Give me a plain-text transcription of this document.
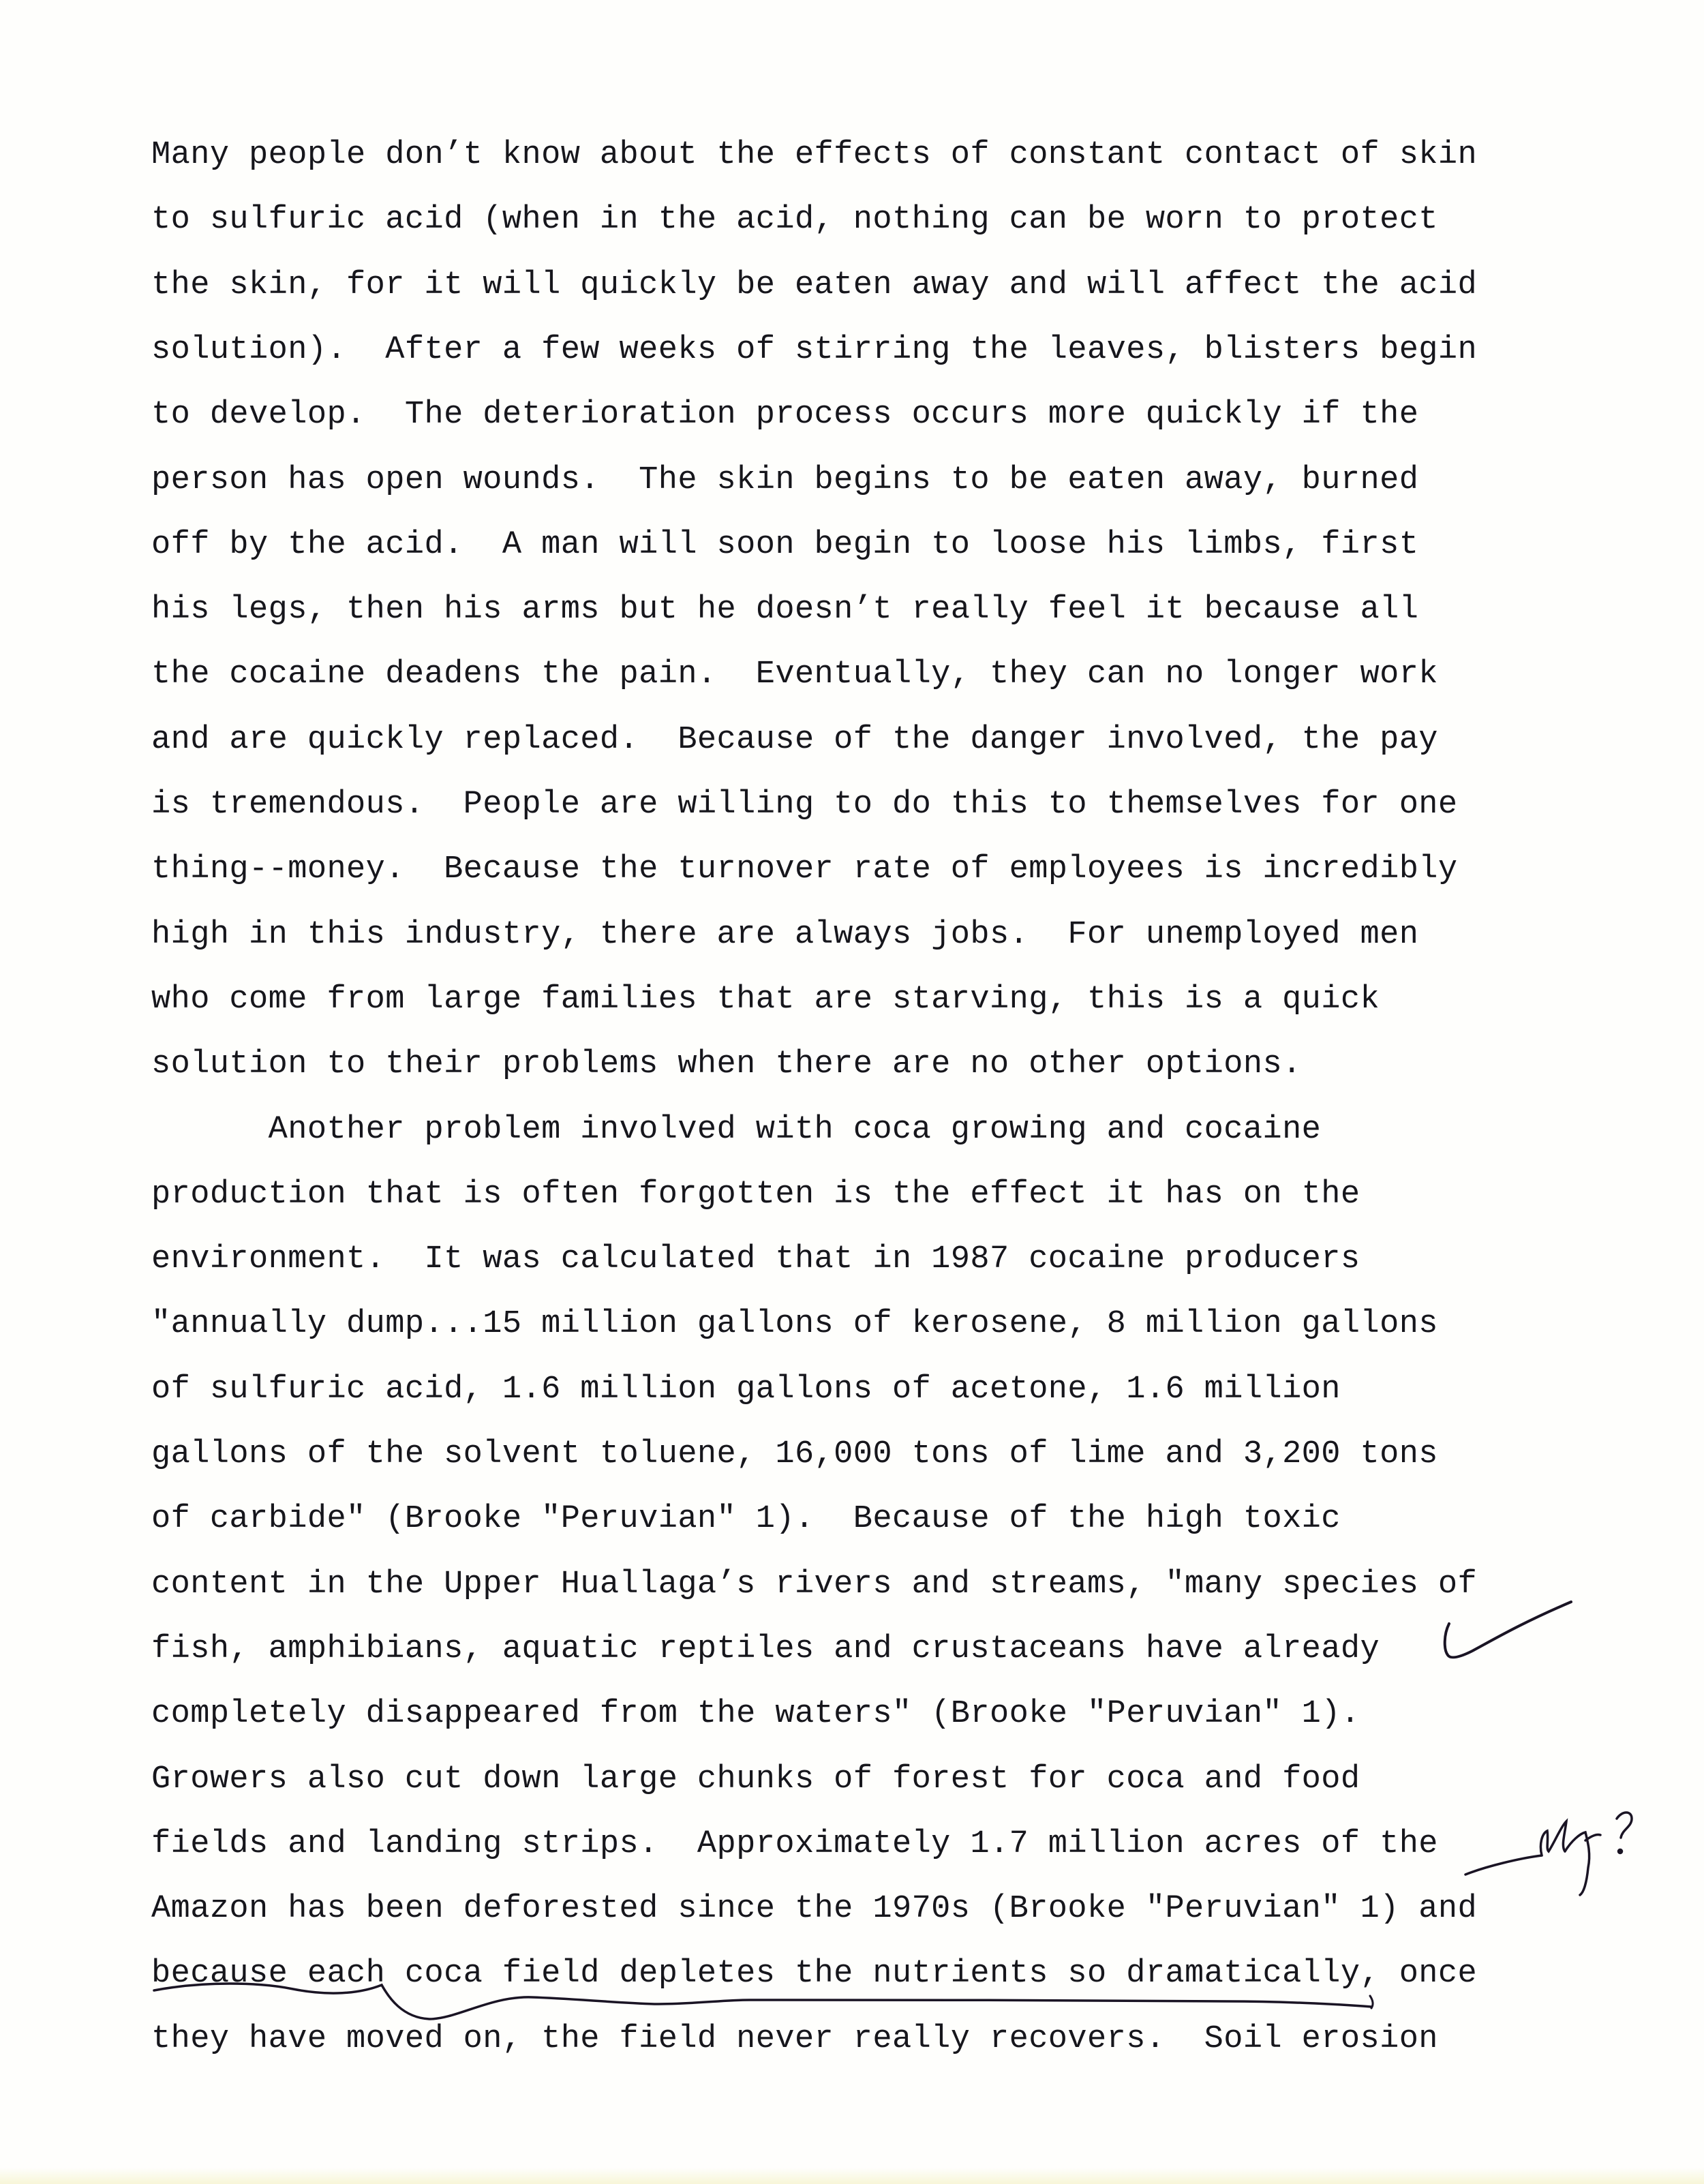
Many people don’t know about the effects of constant contact of skin
to sulfuric acid (when in the acid, nothing can be worn to protect
the skin, for it will quickly be eaten away and will affect the acid
solution).  After a few weeks of stirring the leaves, blisters begin
to develop.  The deterioration process occurs more quickly if the
person has open wounds.  The skin begins to be eaten away, burned
off by the acid.  A man will soon begin to loose his limbs, first
his legs, then his arms but he doesn’t really feel it because all
the cocaine deadens the pain.  Eventually, they can no longer work
and are quickly replaced.  Because of the danger involved, the pay
is tremendous.  People are willing to do this to themselves for one
thing--money.  Because the turnover rate of employees is incredibly
high in this industry, there are always jobs.  For unemployed men
who come from large families that are starving, this is a quick
solution to their problems when there are no other options.
Another problem involved with coca growing and cocaine
production that is often forgotten is the effect it has on the
environment.  It was calculated that in 1987 cocaine producers
"annually dump...15 million gallons of kerosene, 8 million gallons
of sulfuric acid, 1.6 million gallons of acetone, 1.6 million
gallons of the solvent toluene, 16,000 tons of lime and 3,200 tons
of carbide" (Brooke "Peruvian" 1).  Because of the high toxic
content in the Upper Huallaga’s rivers and streams, "many species of
fish, amphibians, aquatic reptiles and crustaceans have already
completely disappeared from the waters" (Brooke "Peruvian" 1).
Growers also cut down large chunks of forest for coca and food
fields and landing strips.  Approximately 1.7 million acres of the
Amazon has been deforested since the 1970s (Brooke "Peruvian" 1) and
because each coca field depletes the nutrients so dramatically, once
they have moved on, the field never really recovers.  Soil erosion
